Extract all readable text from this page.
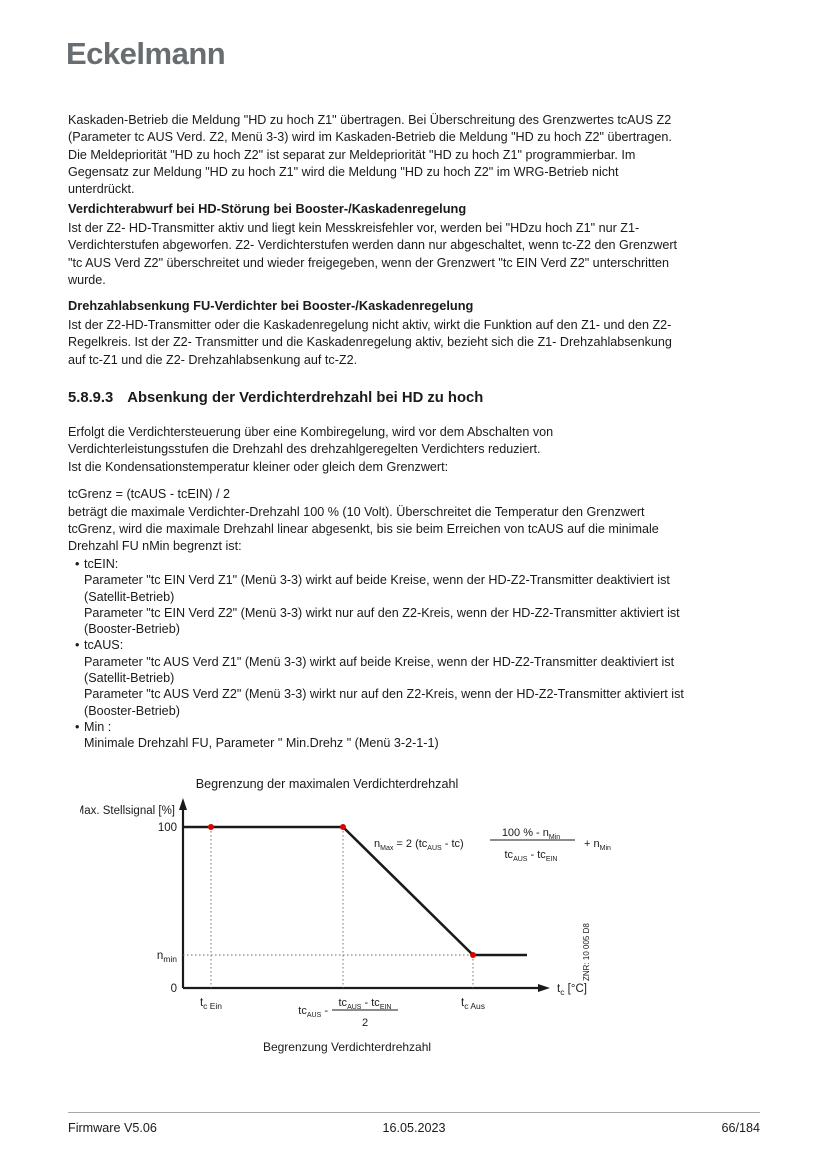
Eckelmann
Kaskaden-Betrieb die Meldung "HD zu hoch Z1" übertragen. Bei Überschreitung des Grenzwertes tcAUS Z2
(Parameter tc AUS Verd. Z2, Menü 3-3) wird im Kaskaden-Betrieb die Meldung "HD zu hoch Z2" übertragen.
Die Meldepriorität "HD zu hoch Z2" ist separat zur Meldepriorität "HD zu hoch Z1" programmierbar. Im
Gegensatz zur Meldung "HD zu hoch Z1" wird die Meldung "HD zu hoch Z2" im WRG-Betrieb nicht
unterdrückt.
Verdichterabwurf bei HD-Störung bei Booster-/Kaskadenregelung
Ist der Z2- HD-Transmitter aktiv und liegt kein Messkreisfehler vor, werden bei "HDzu hoch Z1" nur Z1-
Verdichterstufen abgeworfen. Z2- Verdichterstufen werden dann nur abgeschaltet, wenn tc-Z2 den Grenzwert
"tc AUS Verd Z2" überschreitet und wieder freigegeben, wenn der Grenzwert "tc EIN Verd Z2" unterschritten
wurde.
Drehzahlabsenkung FU-Verdichter bei Booster-/Kaskadenregelung
Ist der Z2-HD-Transmitter oder die Kaskadenregelung nicht aktiv, wirkt die Funktion auf den Z1- und den Z2-
Regelkreis. Ist der Z2- Transmitter und die Kaskadenregelung aktiv, bezieht sich die Z1- Drehzahlabsenkung
auf tc-Z1 und die Z2- Drehzahlabsenkung auf tc-Z2.
5.8.9.3 Absenkung der Verdichterdrehzahl bei HD zu hoch
Erfolgt die Verdichtersteuerung über eine Kombiregelung, wird vor dem Abschalten von
Verdichterleistungsstufen die Drehzahl des drehzahlgeregelten Verdichters reduziert.
Ist die Kondensationstemperatur kleiner oder gleich dem Grenzwert:
tcGrenz = (tcAUS - tcEIN) / 2
beträgt die maximale Verdichter-Drehzahl 100 % (10 Volt). Überschreitet die Temperatur den Grenzwert
tcGrenz, wird die maximale Drehzahl linear abgesenkt, bis sie beim Erreichen von tcAUS auf die minimale
Drehzahl FU nMin begrenzt ist:
• tcEIN:
Parameter "tc EIN Verd Z1" (Menü 3-3) wirkt auf beide Kreise, wenn der HD-Z2-Transmitter deaktiviert ist
(Satellit-Betrieb)
Parameter "tc EIN Verd Z2" (Menü 3-3) wirkt nur auf den Z2-Kreis, wenn der HD-Z2-Transmitter aktiviert ist
(Booster-Betrieb)
• tcAUS:
Parameter "tc AUS Verd Z1" (Menü 3-3) wirkt auf beide Kreise, wenn der HD-Z2-Transmitter deaktiviert ist
(Satellit-Betrieb)
Parameter "tc AUS Verd Z2" (Menü 3-3) wirkt nur auf den Z2-Kreis, wenn der HD-Z2-Transmitter aktiviert ist
(Booster-Betrieb)
• Min :
Minimale Drehzahl FU, Parameter " Min.Drehz " (Menü 3-2-1-1)
Begrenzung der maximalen Verdichterdrehzahl
Max. Stellsignal [%]
100
$n_{min}$
0	$t_c$ [°C]
$n_{Max} = 2$ $(tc_{AUS} - tc)$
100 % - $n_{Min}$
$tc_{AUS} - tc_{EIN}$
+ $n_{Min}$
$t_{c Ein}$	$t_{c Aus}$
$tc_{AUS}$ -
$tc_{AUS} - tc_{EIN}$
2
ZNR: 10 005 D8
Begrenzung Verdichterdrehzahl
16.05.2023
Firmware V5.06	66/184
